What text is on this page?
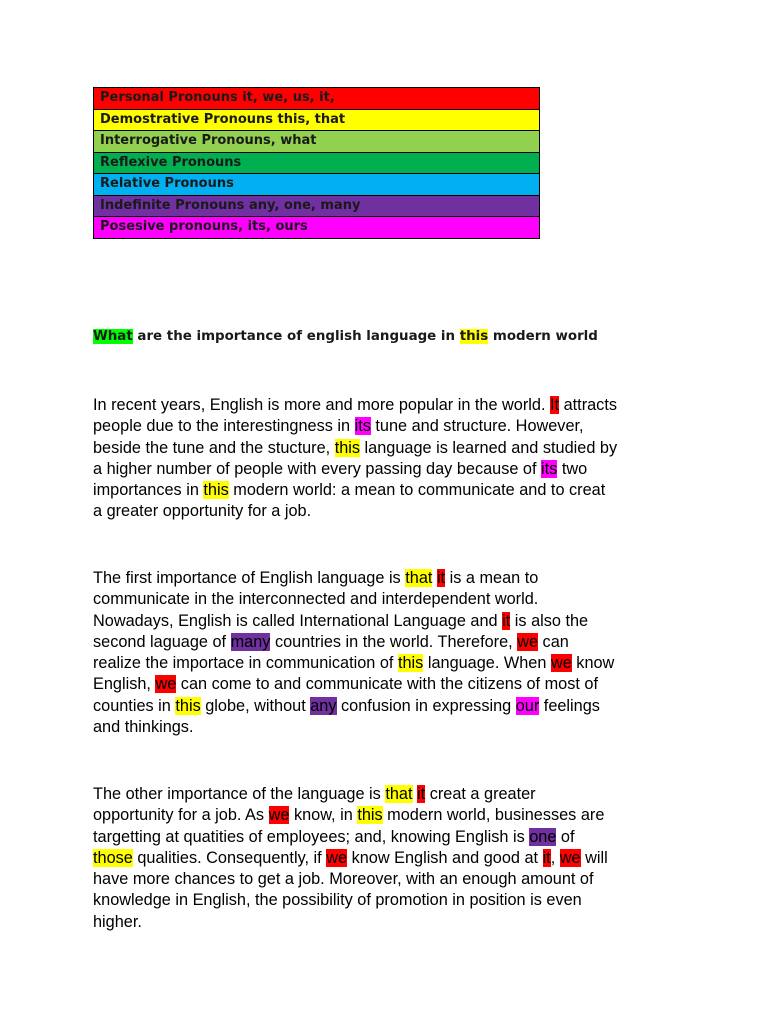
Personal Pronouns it, we, us, it,
Demostrative Pronouns this, that
Interrogative Pronouns, what
Reflexive Pronouns
Relative Pronouns
Indefinite Pronouns any, one, many
Posesive pronouns, its, ours

What are the importance of english language in this modern world

In recent years, English is more and more popular in the world. It attracts
people due to the interestingness in its tune and structure. However,
beside the tune and the stucture, this language is learned and studied by
a higher number of people with every passing day because of its two
importances in this modern world: a mean to communicate and to creat
a greater opportunity for a job.
The first importance of English language is that it is a mean to
communicate in the interconnected and interdependent world.
Nowadays, English is called International Language and it is also the
second laguage of many countries in the world. Therefore, we can
realize the importace in communication of this language. When we know
English, we can come to and communicate with the citizens of most of
counties in this globe, without any confusion in expressing our feelings
and thinkings.
The other importance of the language is that it creat a greater
opportunity for a job. As we know, in this modern world, businesses are
targetting at quatities of employees; and, knowing English is one of
those qualities. Consequently, if we know English and good at it, we will
have more chances to get a job. Moreover, with an enough amount of
knowledge in English, the possibility of promotion in position is even
higher.
